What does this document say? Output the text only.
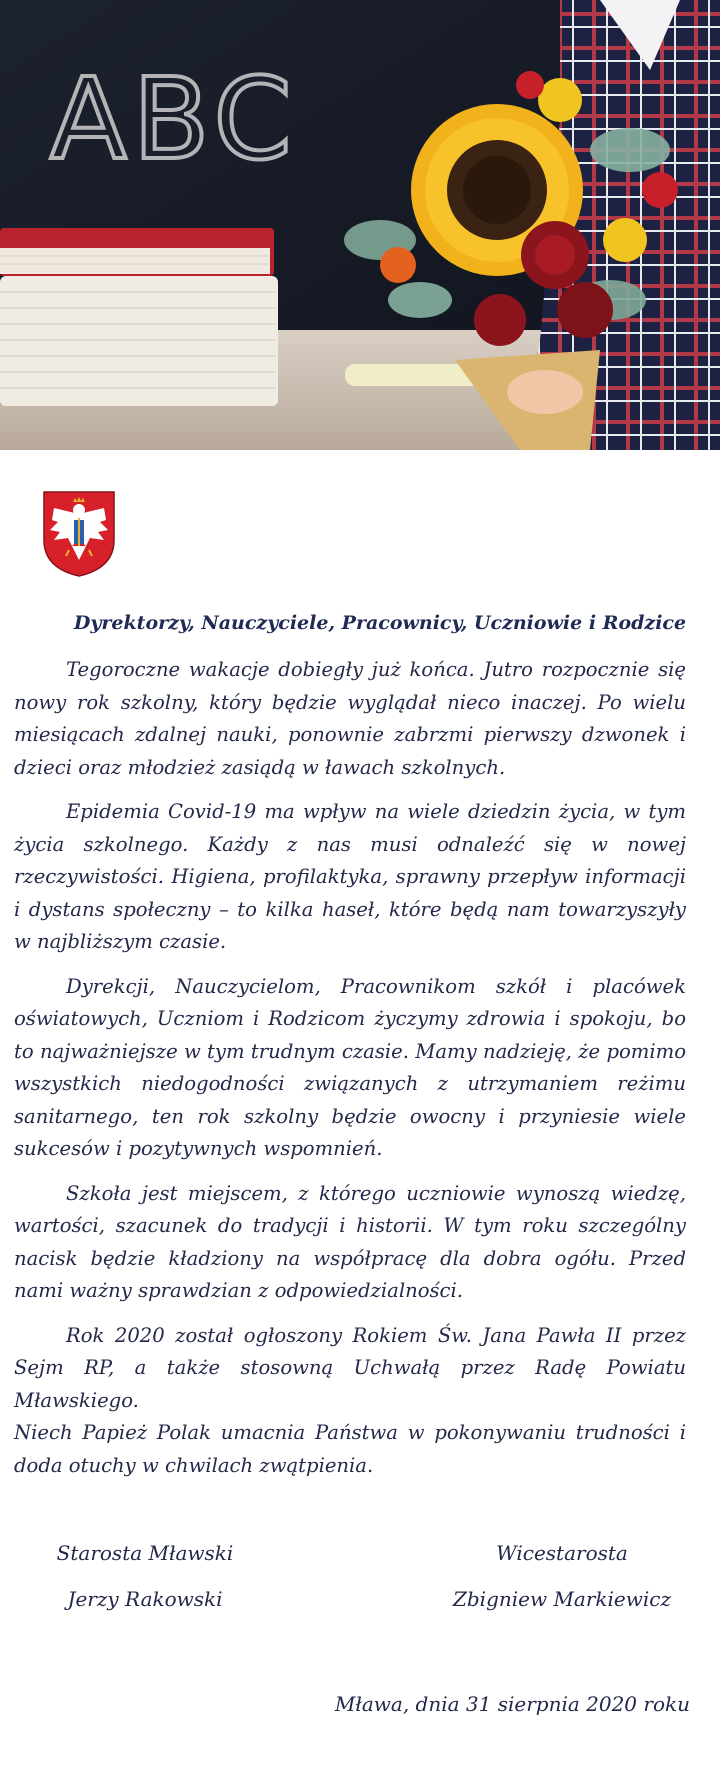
ABC
Dyrektorzy, Nauczyciele, Pracownicy, Uczniowie i Rodzice

Tegoroczne wakacje dobiegły już końca. Jutro rozpocznie się nowy rok szkolny, który będzie wyglądał nieco inaczej. Po wielu miesiącach zdalnej nauki, ponownie zabrzmi pierwszy dzwonek i dzieci oraz młodzież zasiądą w ławach szkolnych.

Epidemia Covid-19 ma wpływ na wiele dziedzin życia, w tym życia szkolnego. Każdy z nas musi odnaleźć się w nowej rzeczywistości. Higiena, profilaktyka, sprawny przepływ informacji i dystans społeczny – to kilka haseł, które będą nam towarzyszyły w najbliższym czasie.

Dyrekcji, Nauczycielom, Pracownikom szkół i placówek oświatowych, Uczniom i Rodzicom życzymy zdrowia i spokoju, bo to najważniejsze w tym trudnym czasie. Mamy nadzieję, że pomimo wszystkich niedogodności związanych z utrzymaniem reżimu sanitarnego, ten rok szkolny będzie owocny i przyniesie wiele sukcesów i pozytywnych wspomnień.

Szkoła jest miejscem, z którego uczniowie wynoszą wiedzę, wartości, szacunek do tradycji i historii. W tym roku szczególny nacisk będzie kładziony na współpracę dla dobra ogółu. Przed nami ważny sprawdzian z odpowiedzialności.

Rok 2020 został ogłoszony Rokiem Św. Jana Pawła II przez Sejm RP, a także stosowną Uchwałą przez Radę Powiatu Mławskiego.

Niech Papież Polak umacnia Państwa w pokonywaniu trudności i doda otuchy w chwilach zwątpienia.

Starosta Mławski
Jerzy Rakowski
Wicestarosta
Zbigniew Markiewicz
Mława, dnia 31 sierpnia 2020 roku
